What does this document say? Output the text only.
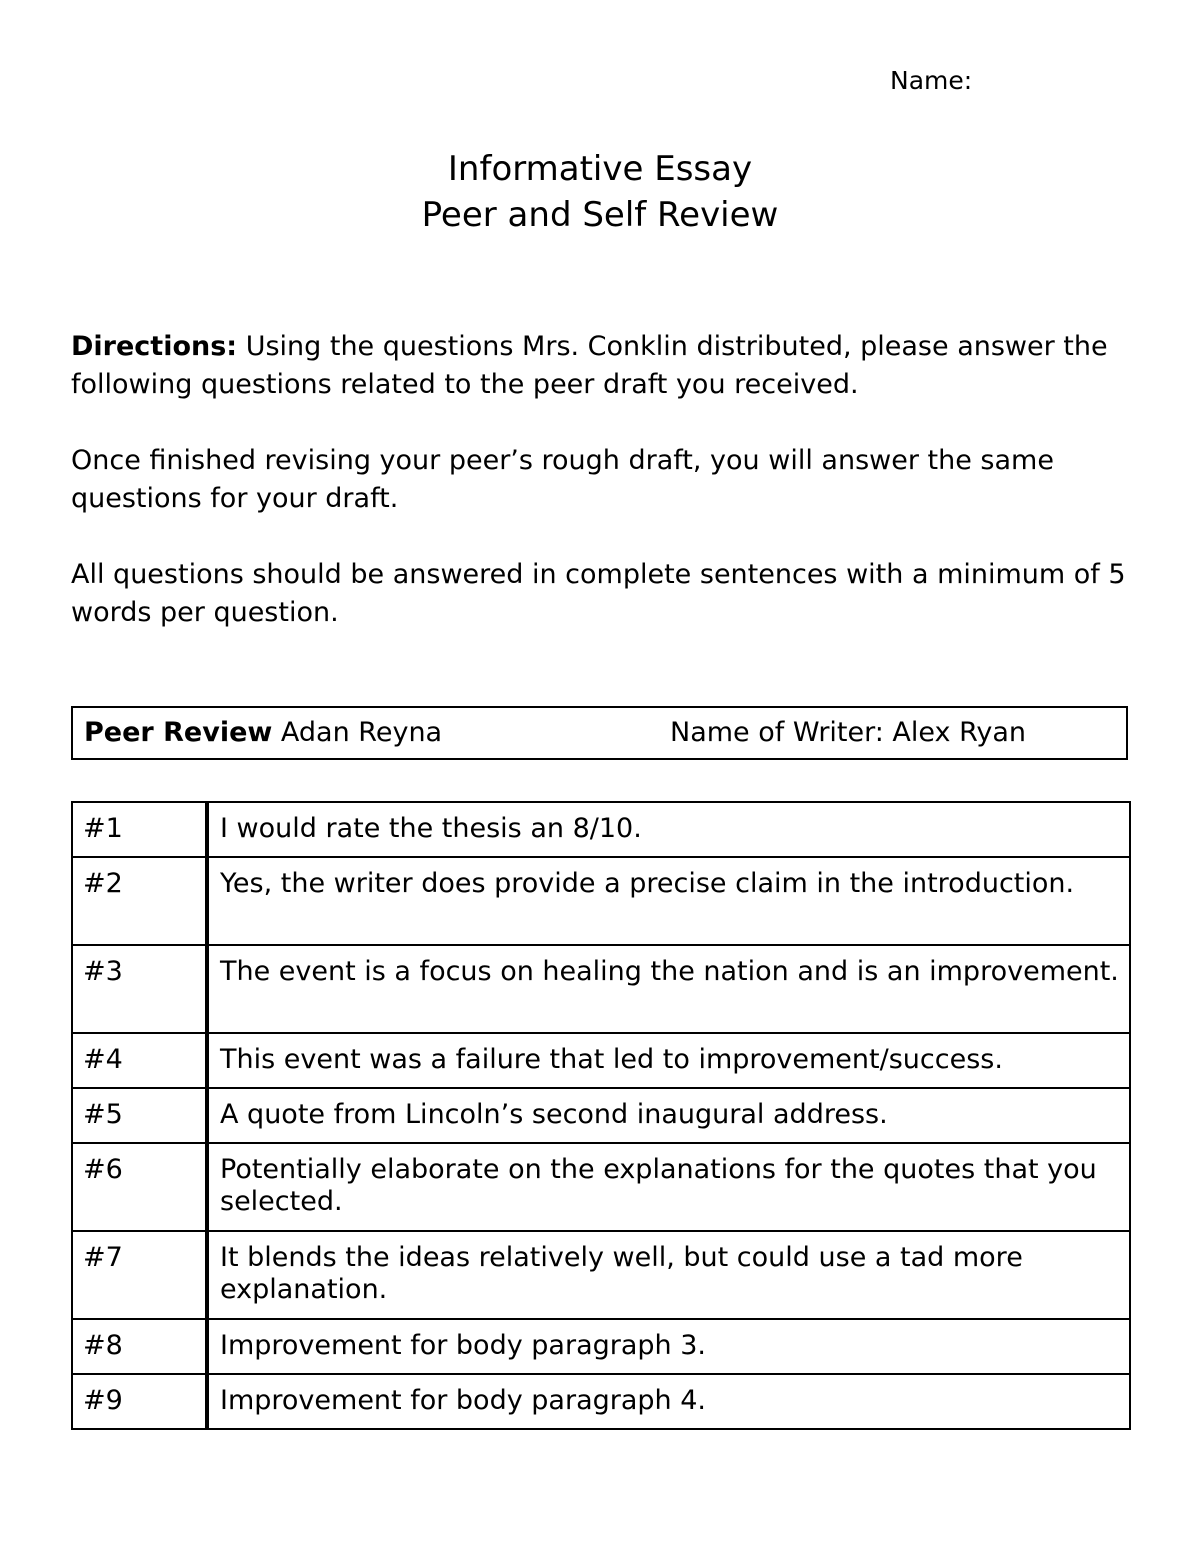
Name:
Informative Essay
Peer and Self Review

Directions: Using the questions Mrs. Conklin distributed, please answer the following questions related to the peer draft you received.

Once finished revising your peer’s rough draft, you will answer the same questions for your draft.

All questions should be answered in complete sentences with a minimum of 5 words per question.

Peer Review Adan Reyna	Name of Writer: Alex Ryan
#1	I would rate the thesis an 8/10.
#2	Yes, the writer does provide a precise claim in the introduction.
#3	The event is a focus on healing the nation and is an improvement.
#4	This event was a failure that led to improvement/success.
#5	A quote from Lincoln’s second inaugural address.
#6	Potentially elaborate on the explanations for the quotes that you selected.
#7	It blends the ideas relatively well, but could use a tad more explanation.
#8	Improvement for body paragraph 3.
#9	Improvement for body paragraph 4.
